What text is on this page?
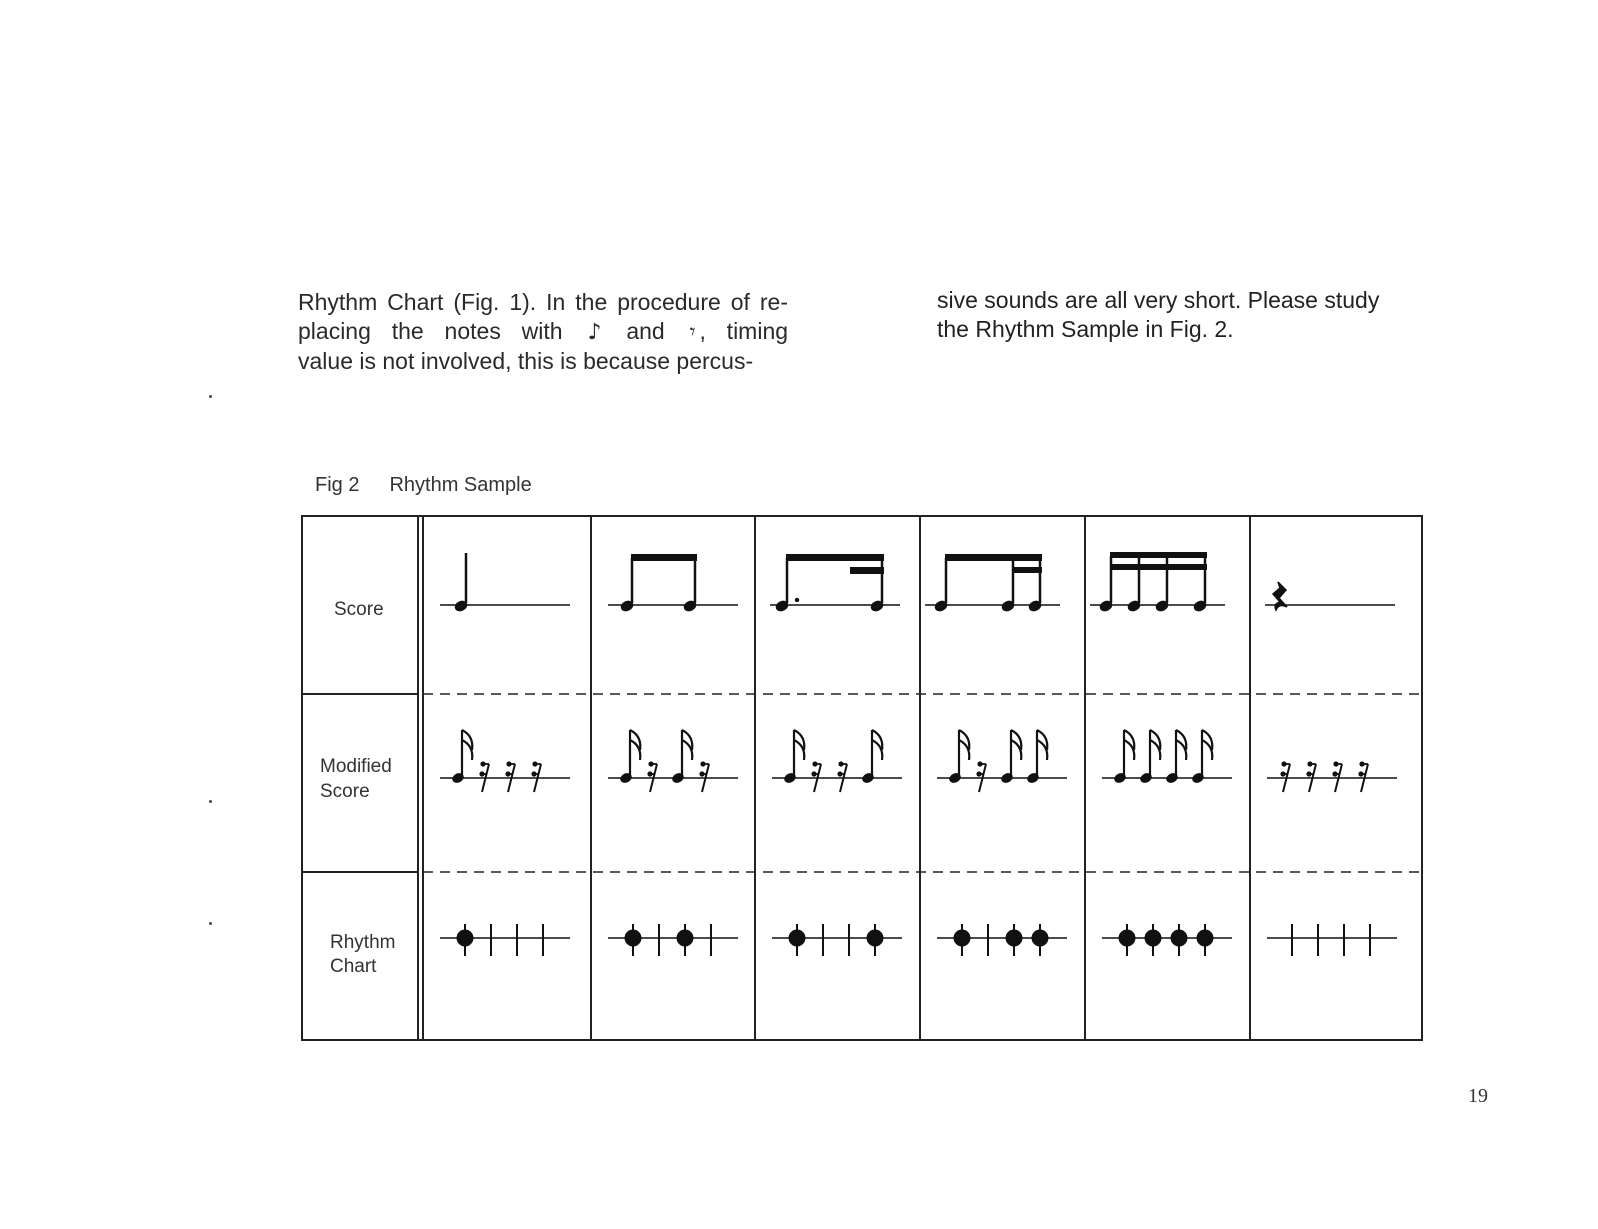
Rhythm Chart (Fig. 1). In the procedure of re-
placing the notes with ♪ and 𝄾 , timing
value is not involved, this is because percus-
sive sounds are all very short. Please study
the Rhythm Sample in Fig. 2.
Fig 2 Rhythm Sample
Score
Modified
Score
Rhythm
Chart
19
